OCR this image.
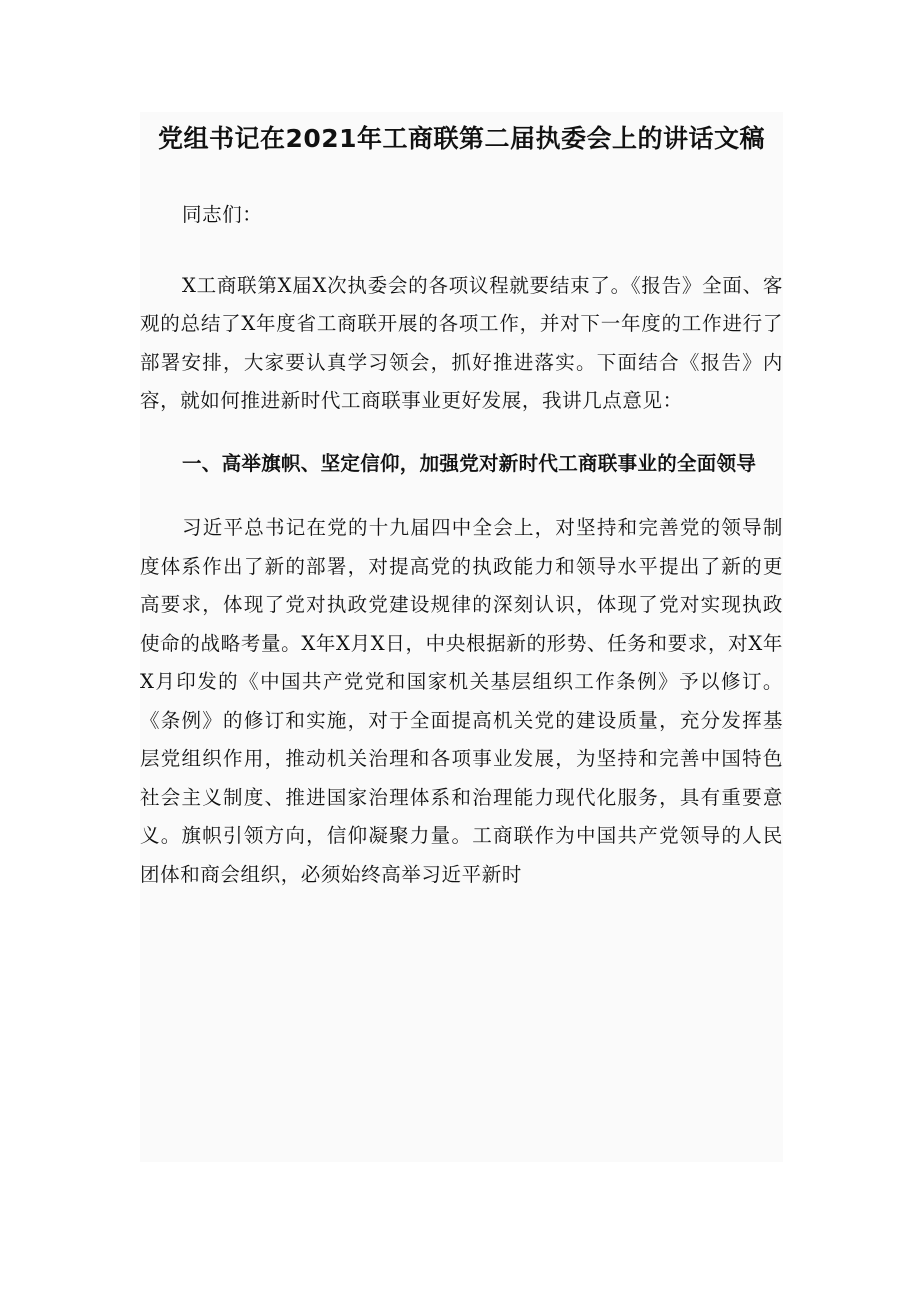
党组书记在2021年工商联第二届执委会上的讲话文稿

同志们：

X工商联第X届X次执委会的各项议程就要结束了。《报告》全面、客观的总结了X年度省工商联开展的各项工作，并对下一年度的工作进行了部署安排，大家要认真学习领会，抓好推进落实。下面结合《报告》内容，就如何推进新时代工商联事业更好发展，我讲几点意见：

一、高举旗帜、坚定信仰，加强党对新时代工商联事业的全面领导

习近平总书记在党的十九届四中全会上，对坚持和完善党的领导制度体系作出了新的部署，对提高党的执政能力和领导水平提出了新的更高要求，体现了党对执政党建设规律的深刻认识，体现了党对实现执政使命的战略考量。X年X月X日，中央根据新的形势、任务和要求，对X年X月印发的《中国共产党党和国家机关基层组织工作条例》予以修订。《条例》的修订和实施，对于全面提高机关党的建设质量，充分发挥基层党组织作用，推动机关治理和各项事业发展，为坚持和完善中国特色社会主义制度、推进国家治理体系和治理能力现代化服务，具有重要意义。旗帜引领方向，信仰凝聚力量。工商联作为中国共产党领导的人民团体和商会组织，必须始终高举习近平新时
